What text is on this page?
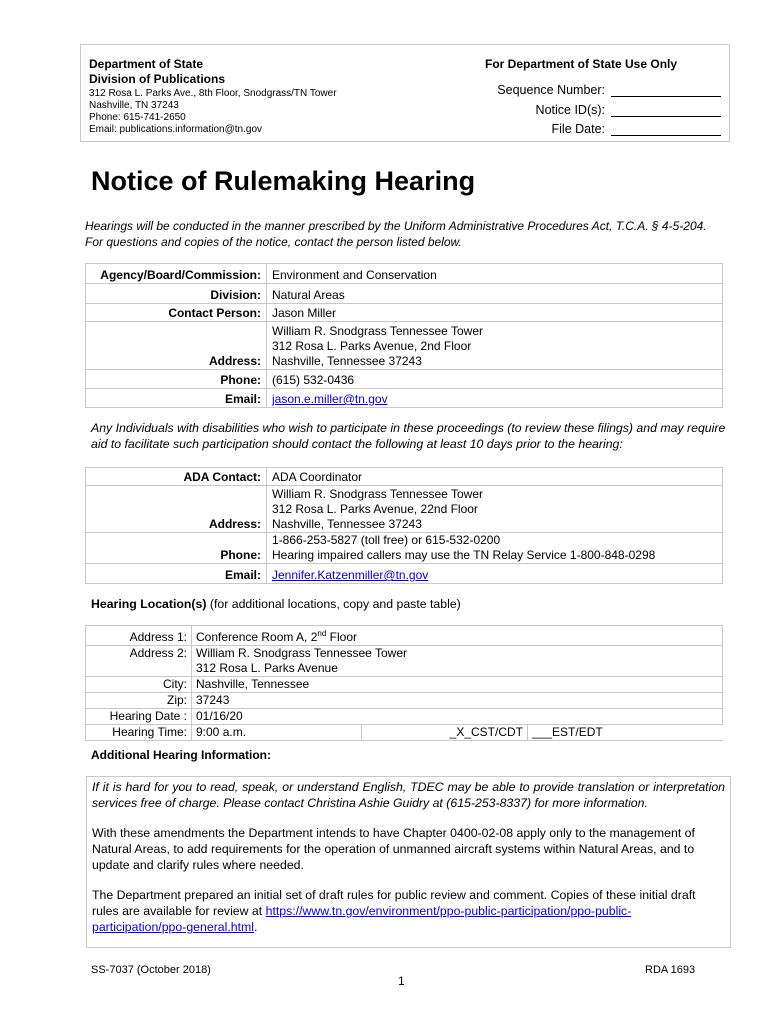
Department of State
Division of Publications
312 Rosa L. Parks Ave., 8th Floor, Snodgrass/TN Tower
Nashville, TN 37243
Phone: 615-741-2650
Email: publications.information@tn.gov
For Department of State Use Only
Sequence Number:
Notice ID(s):
File Date:
Notice of Rulemaking Hearing
Hearings will be conducted in the manner prescribed by the Uniform Administrative Procedures Act, T.C.A. § 4-5-204. For questions and copies of the notice, contact the person listed below.
Agency/Board/Commission:	Environment and Conservation
Division:	Natural Areas
Contact Person:	Jason Miller
Address:	William R. Snodgrass Tennessee Tower
312 Rosa L. Parks Avenue, 2nd Floor
Nashville, Tennessee 37243

Phone:	(615) 532-0436
Email:	jason.e.miller@tn.gov
Any Individuals with disabilities who wish to participate in these proceedings (to review these filings) and may require aid to facilitate such participation should contact the following at least 10 days prior to the hearing:
ADA Contact:	ADA Coordinator
Address:	William R. Snodgrass Tennessee Tower
312 Rosa L. Parks Avenue, 22nd Floor
Nashville, Tennessee 37243

Phone:	1-866-253-5827 (toll free) or 615-532-0200
Hearing impaired callers may use the TN Relay Service 1-800-848-0298

Email:	Jennifer.Katzenmiller@tn.gov
Hearing Location(s) (for additional locations, copy and paste table)
Address 1:	Conference Room A, 2nd Floor		
Address 2:	William R. Snodgrass Tennessee Tower
312 Rosa L. Parks Avenue		

City:	Nashville, Tennessee		
Zip:	37243		
Hearing Date :	01/16/20		
Hearing Time:	9:00 a.m.	_X_CST/CDT	___EST/EDT
Additional Hearing Information:

If it is hard for you to read, speak, or understand English, TDEC may be able to provide translation or interpretation services free of charge. Please contact Christina Ashie Guidry at (615-253-8337) for more information.

With these amendments the Department intends to have Chapter 0400-02-08 apply only to the management of Natural Areas, to add requirements for the operation of unmanned aircraft systems within Natural Areas, and to update and clarify rules where needed.

The Department prepared an initial set of draft rules for public review and comment. Copies of these initial draft rules are available for review at https://www.tn.gov/environment/ppo-public-participation/ppo-public-participation/ppo-general.html.

SS-7037 (October 2018)
1
RDA 1693
